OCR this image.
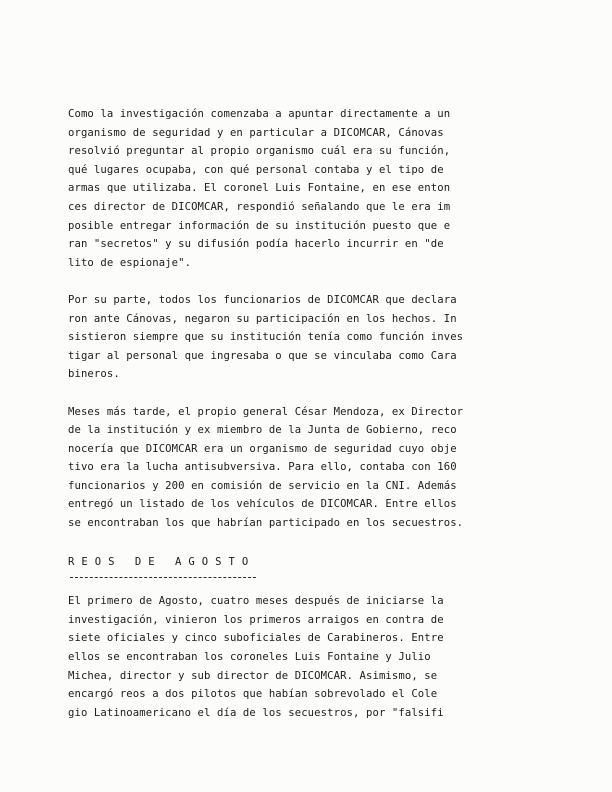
Como la investigación comenzaba a apuntar directamente a un
organismo de seguridad y en particular a DICOMCAR, Cánovas
resolvió preguntar al propio organismo cuál era su función,
qué lugares ocupaba, con qué personal contaba y el tipo de
armas que utilizaba. El coronel Luis Fontaine, en ese enton
ces director de DICOMCAR, respondió señalando que le era im
posible entregar información de su institución puesto que e
ran "secretos" y su difusión podía hacerlo incurrir en "de
lito de espionaje".
Por su parte, todos los funcionarios de DICOMCAR que declara
ron ante Cánovas, negaron su participación en los hechos. In
sistieron siempre que su institución tenía como función inves
tigar al personal que ingresaba o que se vinculaba como Cara
bineros.
Meses más tarde, el propio general César Mendoza, ex Director
de la institución y ex miembro de la Junta de Gobierno, reco
nocería que DICOMCAR era un organismo de seguridad cuyo obje
tivo era la lucha antisubversiva. Para ello, contaba con 160
funcionarios y 200 en comisión de servicio en la CNI. Además
entregó un listado de los vehículos de DICOMCAR. Entre ellos
se encontraban los que habrían participado en los secuestros.
REOS DE AGOSTO
El primero de Agosto, cuatro meses después de iniciarse la
investigación, vinieron los primeros arraigos en contra de
siete oficiales y cinco suboficiales de Carabineros. Entre
ellos se encontraban los coroneles Luis Fontaine y Julio
Michea, director y sub director de DICOMCAR. Asimismo, se
encargó reos a dos pilotos que habían sobrevolado el Cole
gio Latinoamericano el día de los secuestros, por "falsifi
